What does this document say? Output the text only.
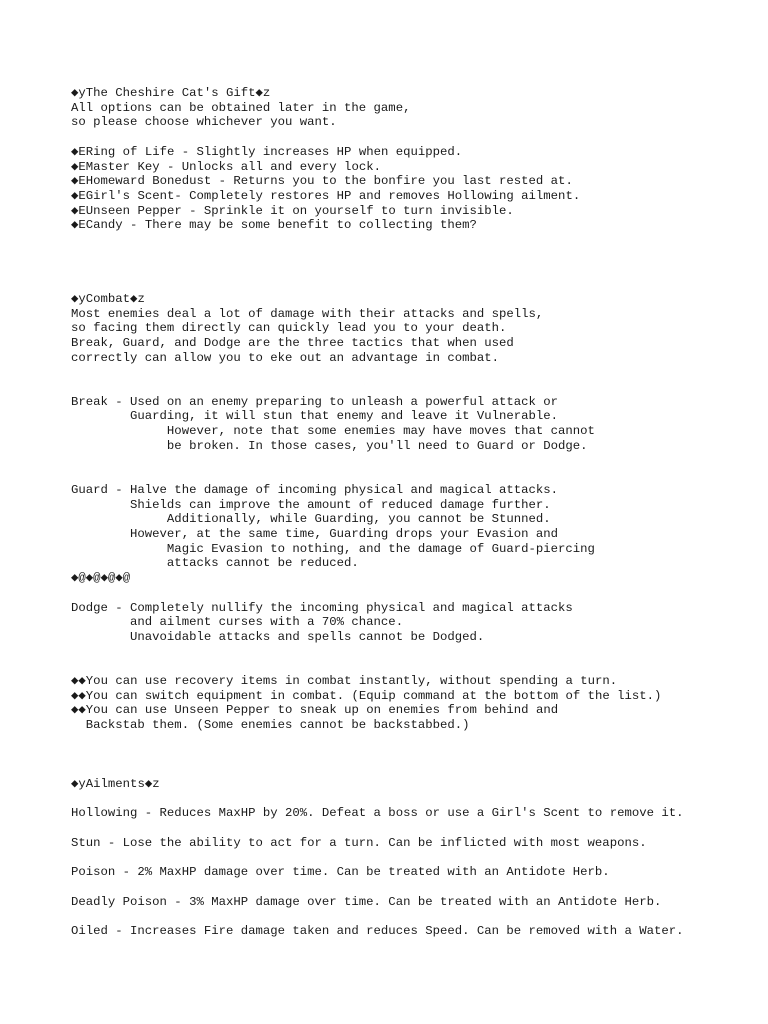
◆yThe Cheshire Cat's Gift◆z
All options can be obtained later in the game,
so please choose whichever you want.
◆ERing of Life - Slightly increases HP when equipped.
◆EMaster Key - Unlocks all and every lock.
◆EHomeward Bonedust - Returns you to the bonfire you last rested at.
◆EGirl's Scent- Completely restores HP and removes Hollowing ailment.
◆EUnseen Pepper - Sprinkle it on yourself to turn invisible.
◆ECandy - There may be some benefit to collecting them?
◆yCombat◆z
Most enemies deal a lot of damage with their attacks and spells,
so facing them directly can quickly lead you to your death.
Break, Guard, and Dodge are the three tactics that when used
correctly can allow you to eke out an advantage in combat.
Break - Used on an enemy preparing to unleash a powerful attack or
Guarding, it will stun that enemy and leave it Vulnerable.
However, note that some enemies may have moves that cannot
be broken. In those cases, you'll need to Guard or Dodge.
Guard - Halve the damage of incoming physical and magical attacks.
Shields can improve the amount of reduced damage further.
Additionally, while Guarding, you cannot be Stunned.
However, at the same time, Guarding drops your Evasion and
Magic Evasion to nothing, and the damage of Guard-piercing
attacks cannot be reduced.
◆@◆@◆@◆@
Dodge - Completely nullify the incoming physical and magical attacks
and ailment curses with a 70% chance.
Unavoidable attacks and spells cannot be Dodged.
◆◆You can use recovery items in combat instantly, without spending a turn.
◆◆You can switch equipment in combat. (Equip command at the bottom of the list.)
◆◆You can use Unseen Pepper to sneak up on enemies from behind and
Backstab them. (Some enemies cannot be backstabbed.)
◆yAilments◆z
Hollowing - Reduces MaxHP by 20%. Defeat a boss or use a Girl's Scent to remove it.
Stun - Lose the ability to act for a turn. Can be inflicted with most weapons.
Poison - 2% MaxHP damage over time. Can be treated with an Antidote Herb.
Deadly Poison - 3% MaxHP damage over time. Can be treated with an Antidote Herb.
Oiled - Increases Fire damage taken and reduces Speed. Can be removed with a Water.
